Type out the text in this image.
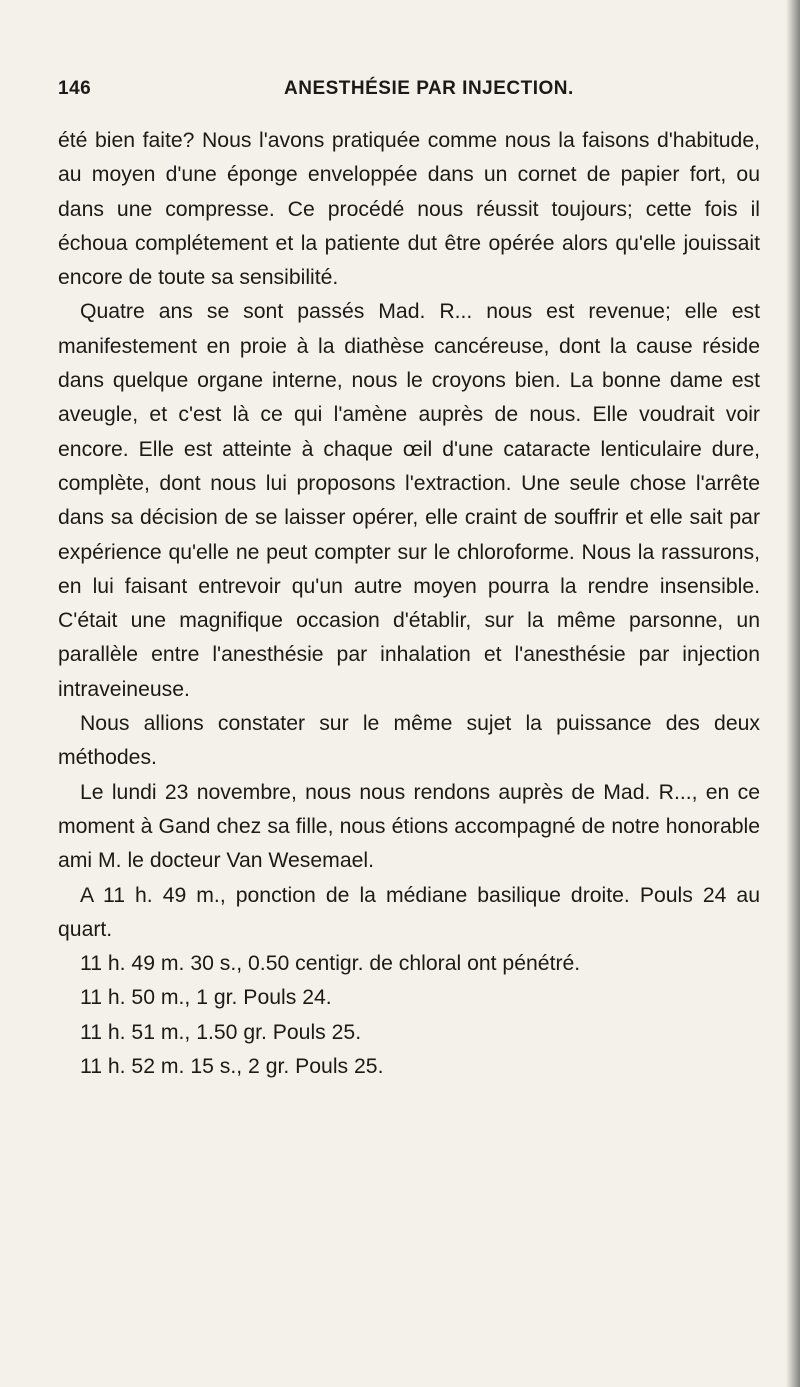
146	ANESTHÉSIE PAR INJECTION.

été bien faite? Nous l'avons pratiquée comme nous la faisons d'habitude, au moyen d'une éponge enveloppée dans un cornet de papier fort, ou dans une compresse. Ce procédé nous réussit toujours; cette fois il échoua complétement et la patiente dut être opérée alors qu'elle jouissait encore de toute sa sensibilité.

Quatre ans se sont passés Mad. R... nous est revenue; elle est manifestement en proie à la diathèse cancéreuse, dont la cause réside dans quelque organe interne, nous le croyons bien. La bonne dame est aveugle, et c'est là ce qui l'amène auprès de nous. Elle voudrait voir encore. Elle est atteinte à chaque œil d'une cataracte lenticulaire dure, complète, dont nous lui proposons l'extraction. Une seule chose l'arrête dans sa décision de se laisser opérer, elle craint de souffrir et elle sait par expérience qu'elle ne peut compter sur le chloroforme. Nous la rassurons, en lui faisant entrevoir qu'un autre moyen pourra la rendre insensible. C'était une magnifique occasion d'établir, sur la même parsonne, un parallèle entre l'anesthésie par inhalation et l'anesthésie par injection intraveineuse.

Nous allions constater sur le même sujet la puissance des deux méthodes.

Le lundi 23 novembre, nous nous rendons auprès de Mad. R..., en ce moment à Gand chez sa fille, nous étions accompagné de notre honorable ami M. le docteur Van Wesemael.

A 11 h. 49 m., ponction de la médiane basilique droite. Pouls 24 au quart.

11 h. 49 m. 30 s., 0.50 centigr. de chloral ont pénétré.

11 h. 50 m., 1 gr. Pouls 24.

11 h. 51 m., 1.50 gr. Pouls 25.

11 h. 52 m. 15 s., 2 gr. Pouls 25.
